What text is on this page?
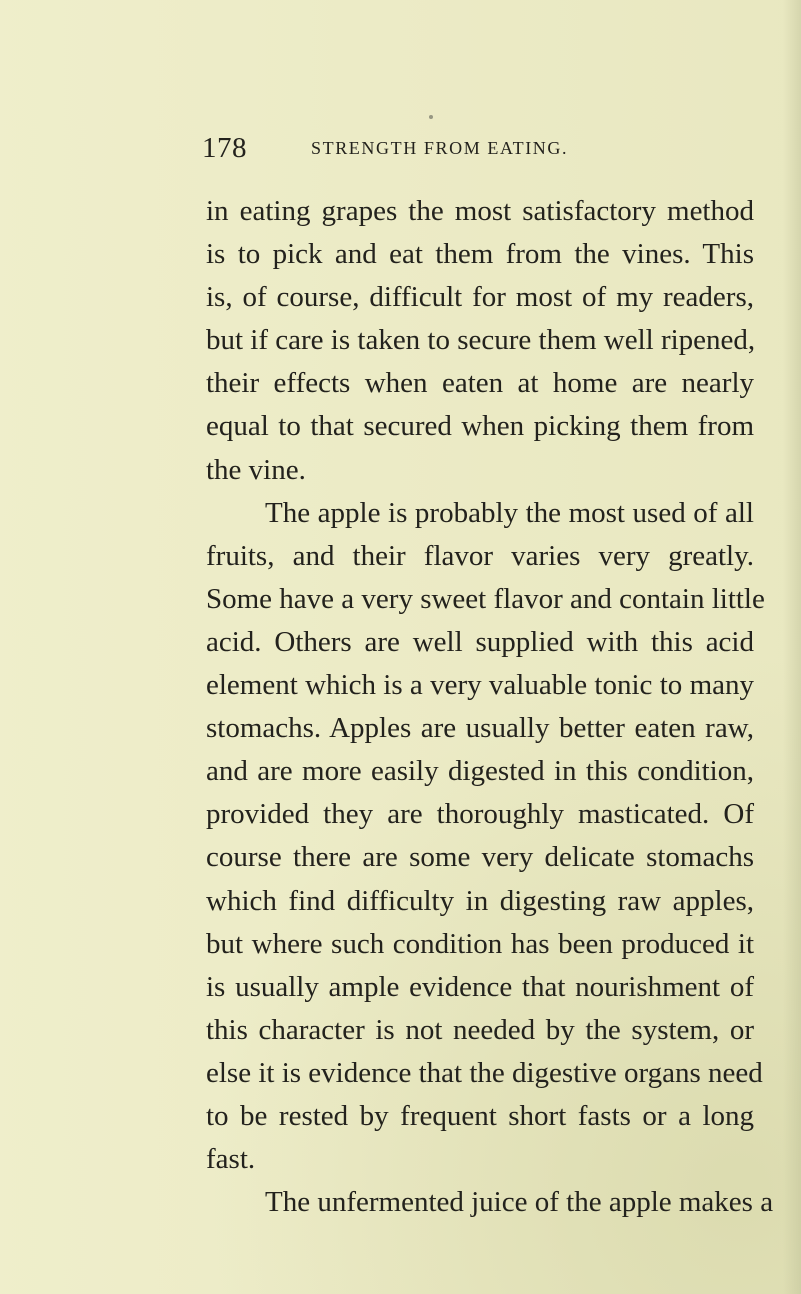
178	STRENGTH FROM EATING.
in eating grapes the most satisfactory method
is to pick and eat them from the vines. This
is, of course, difficult for most of my readers,
but if care is taken to secure them well ripened,
their effects when eaten at home are nearly
equal to that secured when picking them from
the vine.
The apple is probably the most used of all
fruits, and their flavor varies very greatly.
Some have a very sweet flavor and contain little
acid. Others are well supplied with this acid
element which is a very valuable tonic to many
stomachs. Apples are usually better eaten raw,
and are more easily digested in this condition,
provided they are thoroughly masticated. Of
course there are some very delicate stomachs
which find difficulty in digesting raw apples,
but where such condition has been produced it
is usually ample evidence that nourishment of
this character is not needed by the system, or
else it is evidence that the digestive organs need
to be rested by frequent short fasts or a long
fast.
The unfermented juice of the apple makes a
